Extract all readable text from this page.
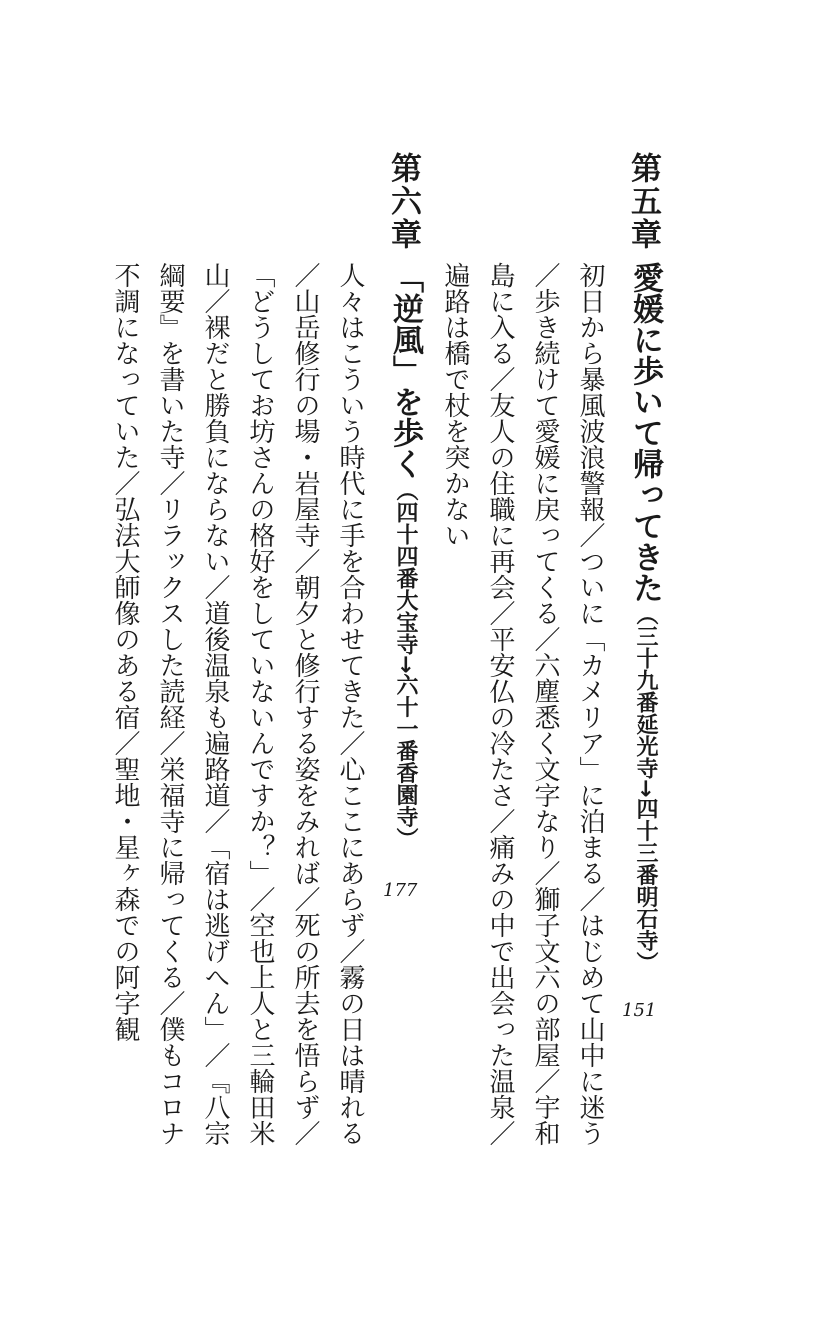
第五章
愛媛に歩いて帰ってきた（三十九番延光寺→四十三番明石寺）
151
初日から暴風波浪警報／ついに「カメリア」に泊まる／はじめて山中に迷う／歩き続けて愛媛に戻ってくる／六塵悉く文字なり／獅子文六の部屋／宇和島に入る／友人の住職に再会／平安仏の冷たさ／痛みの中で出会った温泉／遍路は橋で杖を突かない
第六章
「逆風」を歩く（四十四番大宝寺→六十一番香園寺）
177
人々はこういう時代に手を合わせてきた／心ここにあらず／霧の日は晴れる／山岳修行の場・岩屋寺／朝夕と修行する姿をみれば／死の所去を悟らず／「どうしてお坊さんの格好をしていないんですか？」／空也上人と三輪田米山／裸だと勝負にならない／道後温泉も遍路道／「宿は逃げへん」／『八宗綱要』を書いた寺／リラックスした読経／栄福寺に帰ってくる／僕もコロナ不調になっていた／弘法大師像のある宿／聖地・星ヶ森での阿字観
